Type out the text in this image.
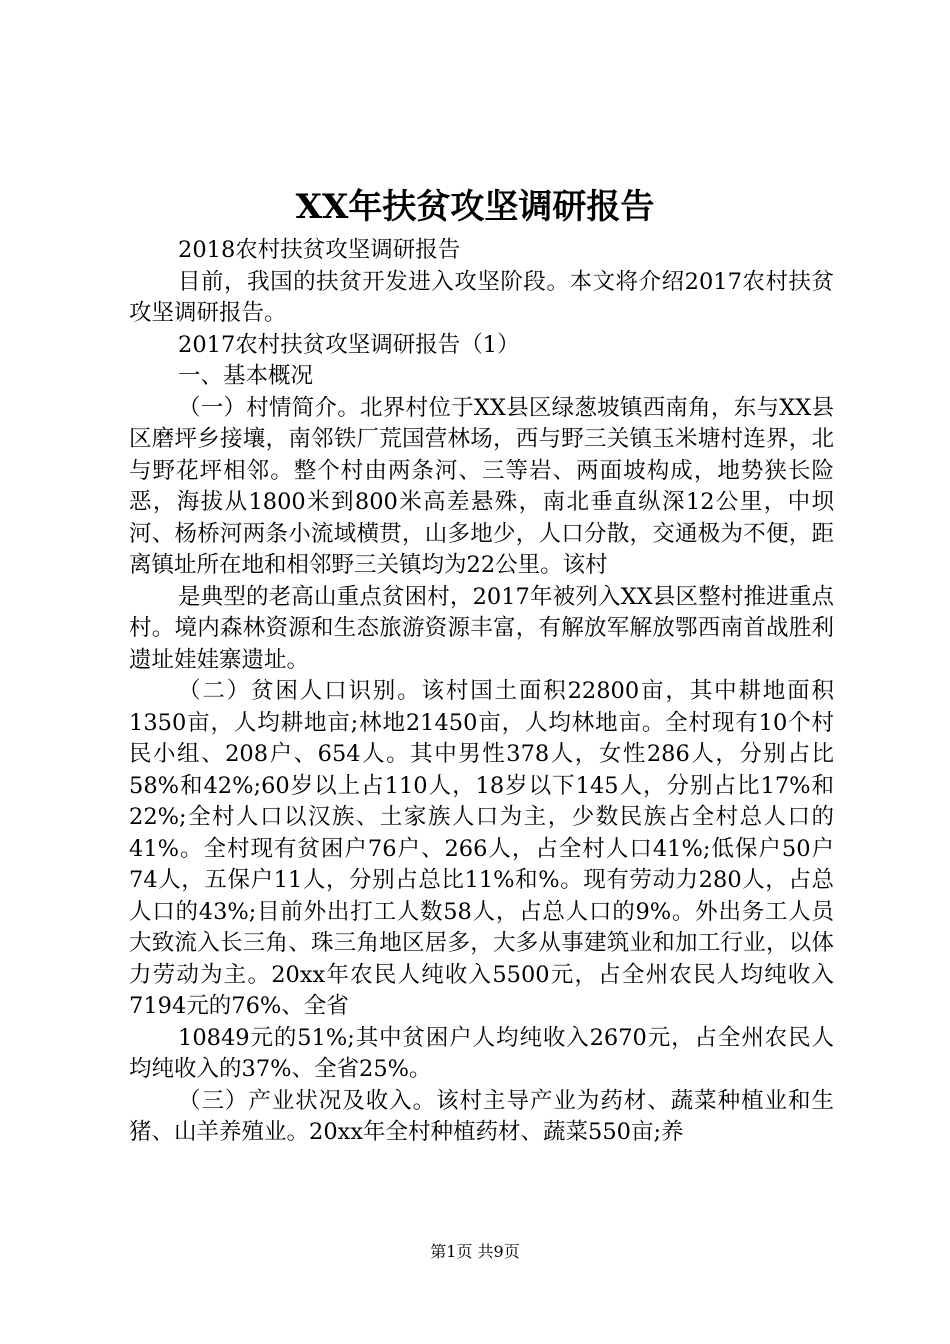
XX年扶贫攻坚调研报告

2018农村扶贫攻坚调研报告

目前，我国的扶贫开发进入攻坚阶段。本文将介绍2017农村扶贫攻坚调研报告。

2017农村扶贫攻坚调研报告（1）

一、基本概况

（一）村情简介。北界村位于XX县区绿葱坡镇西南角，东与XX县区磨坪乡接壤，南邻铁厂荒国营林场，西与野三关镇玉米塘村连界，北与野花坪相邻。整个村由两条河、三等岩、两面坡构成，地势狭长险恶，海拔从1800米到800米高差悬殊，南北垂直纵深12公里，中坝河、杨桥河两条小流域横贯，山多地少，人口分散，交通极为不便，距离镇址所在地和相邻野三关镇均为22公里。该村

是典型的老高山重点贫困村，2017年被列入XX县区整村推进重点村。境内森林资源和生态旅游资源丰富，有解放军解放鄂西南首战胜利遗址娃娃寨遗址。

（二）贫困人口识别。该村国土面积22800亩，其中耕地面积1350亩，人均耕地亩;林地21450亩，人均林地亩。全村现有10个村民小组、208户、654人。其中男性378人，女性286人，分别占比58%和42%;60岁以上占110人，18岁以下145人，分别占比17%和22%;全村人口以汉族、土家族人口为主，少数民族占全村总人口的41%。全村现有贫困户76户、266人，占全村人口41%;低保户50户74人，五保户11人，分别占总比11%和%。现有劳动力280人，占总人口的43%;目前外出打工人数58人，占总人口的9%。外出务工人员大致流入长三角、珠三角地区居多，大多从事建筑业和加工行业，以体力劳动为主。20xx年农民人纯收入5500元，占全州农民人均纯收入7194元的76%、全省

10849元的51%;其中贫困户人均纯收入2670元，占全州农民人均纯收入的37%、全省25%。

（三）产业状况及收入。该村主导产业为药材、蔬菜种植业和生猪、山羊养殖业。20xx年全村种植药材、蔬菜550亩;养

第1页 共9页
